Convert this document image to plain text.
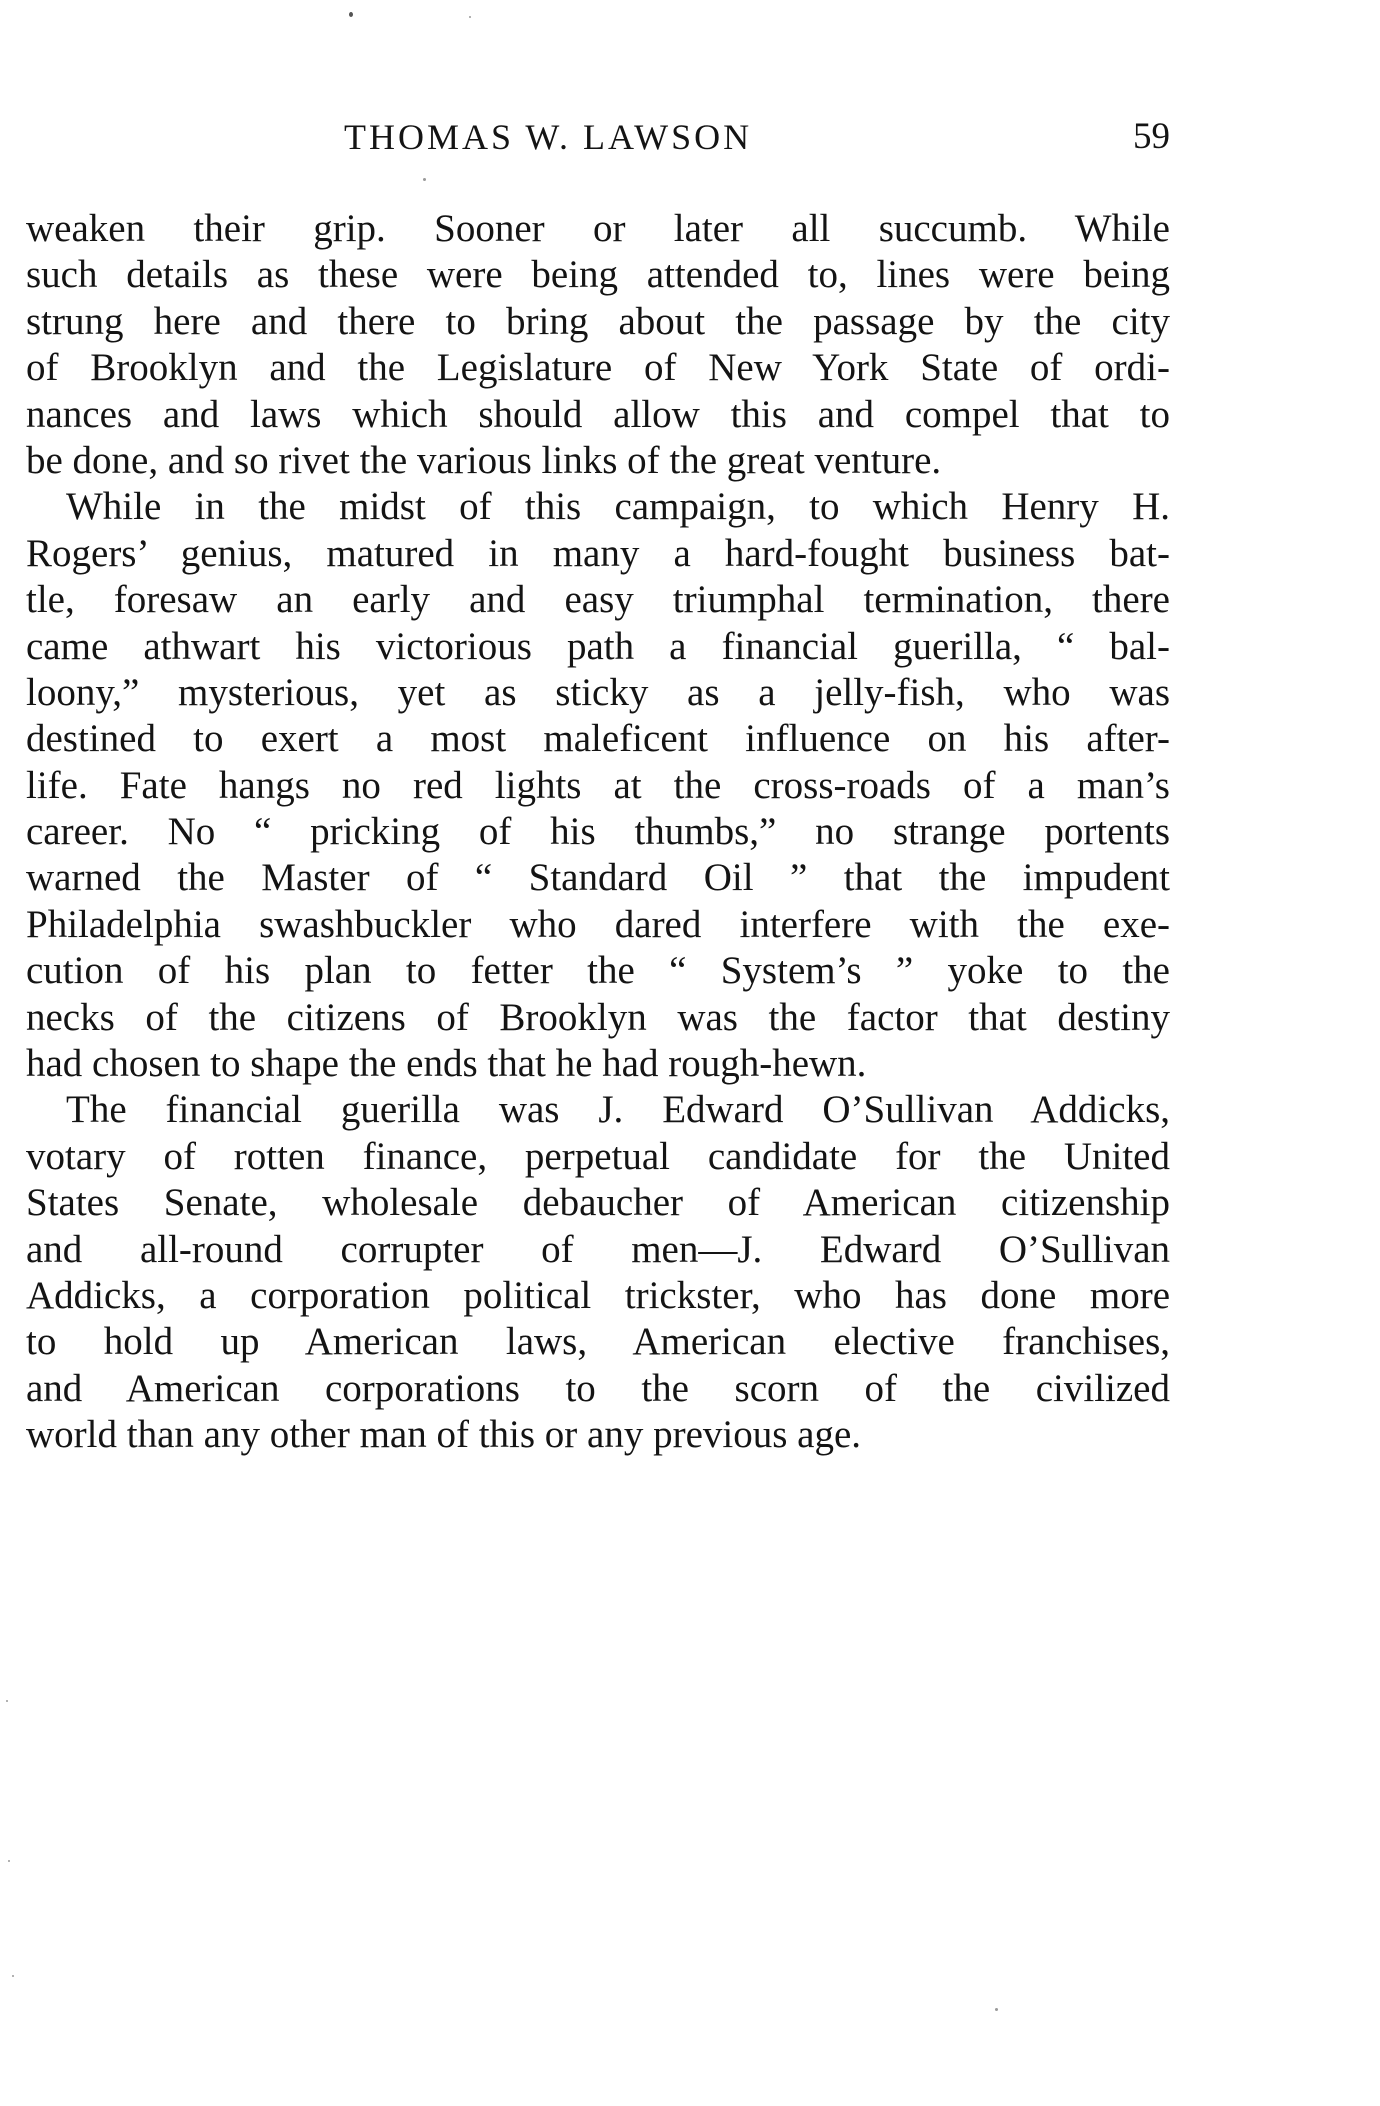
THOMAS W. LAWSON	59
weaken their grip. Sooner or later all succumb. While
such details as these were being attended to, lines were being
strung here and there to bring about the passage by the city
of Brooklyn and the Legislature of New York State of ordi-
nances and laws which should allow this and compel that to
be done, and so rivet the various links of the great venture.
While in the midst of this campaign, to which Henry H.
Rogers’ genius, matured in many a hard-fought business bat-
tle, foresaw an early and easy triumphal termination, there
came athwart his victorious path a financial guerilla, “ bal-
loony,” mysterious, yet as sticky as a jelly-fish, who was
destined to exert a most maleficent influence on his after-
life. Fate hangs no red lights at the cross-roads of a man’s
career. No “ pricking of his thumbs,” no strange portents
warned the Master of “ Standard Oil ” that the impudent
Philadelphia swashbuckler who dared interfere with the exe-
cution of his plan to fetter the “ System’s ” yoke to the
necks of the citizens of Brooklyn was the factor that destiny
had chosen to shape the ends that he had rough-hewn.
The financial guerilla was J. Edward O’Sullivan Addicks,
votary of rotten finance, perpetual candidate for the United
States Senate, wholesale debaucher of American citizenship
and all-round corrupter of men—J. Edward O’Sullivan
Addicks, a corporation political trickster, who has done more
to hold up American laws, American elective franchises,
and American corporations to the scorn of the civilized
world than any other man of this or any previous age.
